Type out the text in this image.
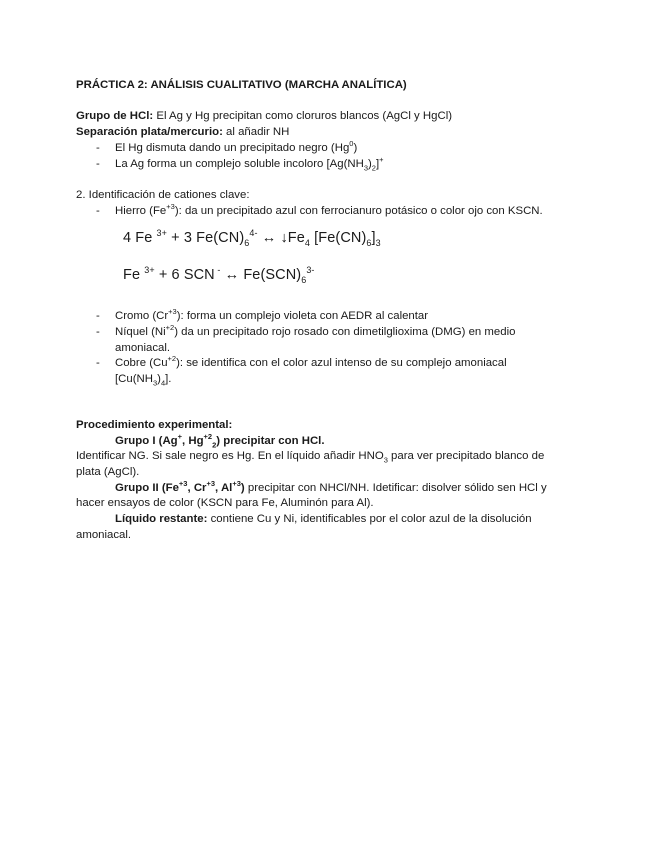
PRÁCTICA 2: ANÁLISIS CUALITATIVO (MARCHA ANALÍTICA)
Grupo de HCl: El Ag y Hg precipitan como cloruros blancos (AgCl y HgCl)
Separación plata/mercurio: al añadir NH
- El Hg dismuta dando un precipitado negro (Hg$^0$)
- La Ag forma un complejo soluble incoloro $[Ag(NH_3)_2]^+$
2. Identificación de cationes clave:
- Hierro $(Fe^{+3})$: da un precipitado azul con ferrocianuro potásico o color ojo con KSCN.
4 Fe $^{3+}$ + 3 $Fe(CN)_6^{4-}$ ↔ $↓Fe_4$ $[Fe(CN)_6]_3$
Fe $^{3+}$ + 6 SCN - ↔ $Fe(SCN)_6^{3-}$
- Cromo $(Cr^{+3})$: forma un complejo violeta con AEDR al calentar
- Níquel $(Ni^{+2})$ da un precipitado rojo rosado con dimetilglioxima (DMG) en medio
amoniacal.
- Cobre $(Cu^{+2})$: se identifica con el color azul intenso de su complejo amoniacal
$[Cu(NH_3)_4]$.
Procedimiento experimental:
Grupo I (Ag+, $Hg^{+2}_2$) precipitar con HCl.
Identificar NG. Si sale negro es Hg. En el líquido añadir $HNO_3$ para ver precipitado blanco de
plata (AgCl).
Grupo II ($Fe^{+3}$, $Cr^{+3}$, $Al^{+3}$) precipitar con NHCl/NH. Idetificar: disolver sólido sen HCl y
hacer ensayos de color (KSCN para Fe, Aluminón para Al).
Líquido restante: contiene Cu y Ni, identificables por el color azul de la disolución
amoniacal.
